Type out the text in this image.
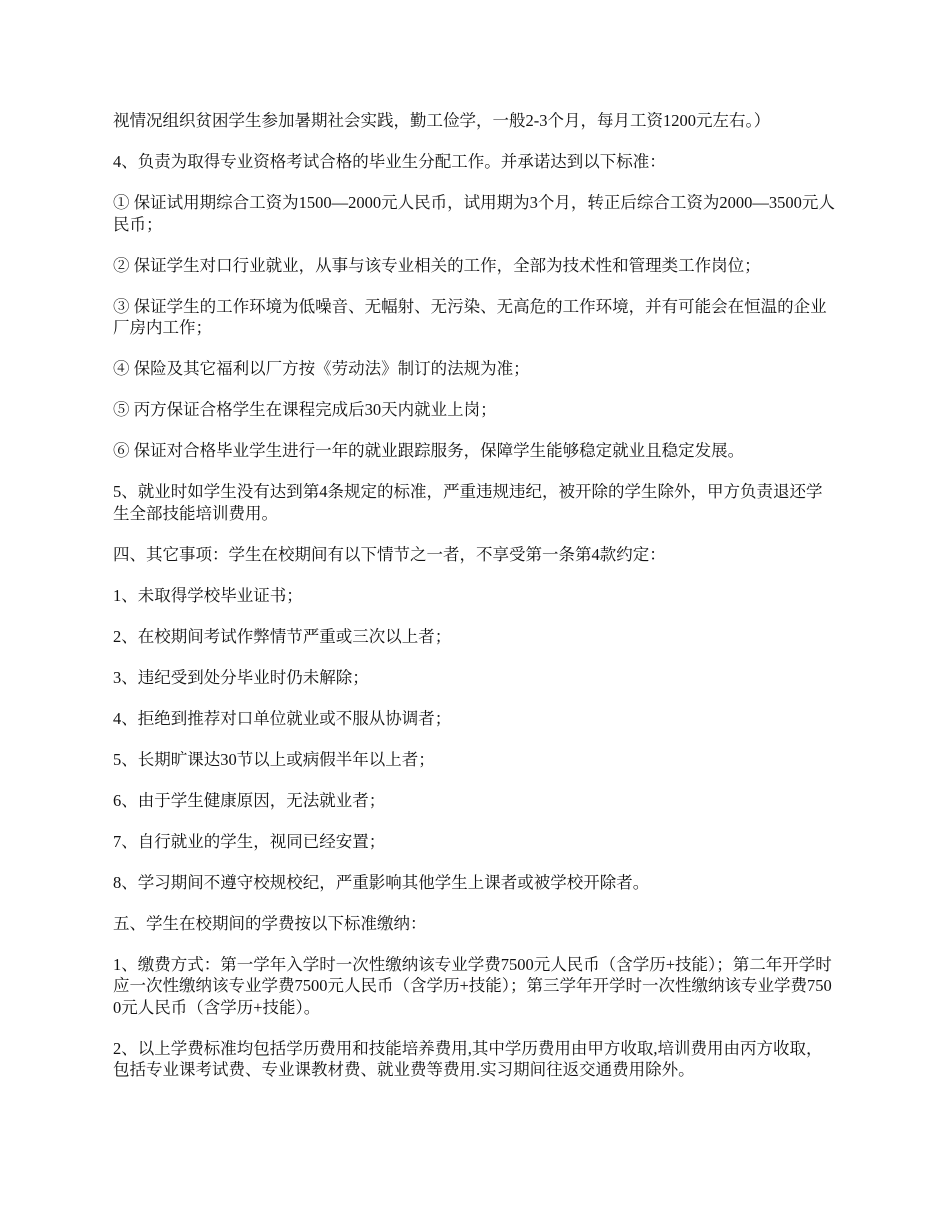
视情况组织贫困学生参加暑期社会实践，勤工俭学，一般2-3个月，每月工资1200元左右。）

4、负责为取得专业资格考试合格的毕业生分配工作。并承诺达到以下标准：

① 保证试用期综合工资为1500—2000元人民币，试用期为3个月，转正后综合工资为2000—3500元人民币；

② 保证学生对口行业就业，从事与该专业相关的工作，全部为技术性和管理类工作岗位；

③ 保证学生的工作环境为低噪音、无幅射、无污染、无高危的工作环境，并有可能会在恒温的企业厂房内工作；

④ 保险及其它福利以厂方按《劳动法》制订的法规为准；

⑤ 丙方保证合格学生在课程完成后30天内就业上岗；

⑥ 保证对合格毕业学生进行一年的就业跟踪服务，保障学生能够稳定就业且稳定发展。

5、就业时如学生没有达到第4条规定的标准，严重违规违纪，被开除的学生除外，甲方负责退还学生全部技能培训费用。

四、其它事项：学生在校期间有以下情节之一者，不享受第一条第4款约定：

1、未取得学校毕业证书；

2、在校期间考试作弊情节严重或三次以上者；

3、违纪受到处分毕业时仍未解除；

4、拒绝到推荐对口单位就业或不服从协调者；

5、长期旷课达30节以上或病假半年以上者；

6、由于学生健康原因，无法就业者；

7、自行就业的学生，视同已经安置；

8、学习期间不遵守校规校纪，严重影响其他学生上课者或被学校开除者。

五、学生在校期间的学费按以下标准缴纳：

1、缴费方式：第一学年入学时一次性缴纳该专业学费7500元人民币（含学历+技能）；第二年开学时应一次性缴纳该专业学费7500元人民币（含学历+技能）；第三学年开学时一次性缴纳该专业学费7500元人民币（含学历+技能）。

2、以上学费标准均包括学历费用和技能培养费用,其中学历费用由甲方收取,培训费用由丙方收取，包括专业课考试费、专业课教材费、就业费等费用.实习期间往返交通费用除外。
